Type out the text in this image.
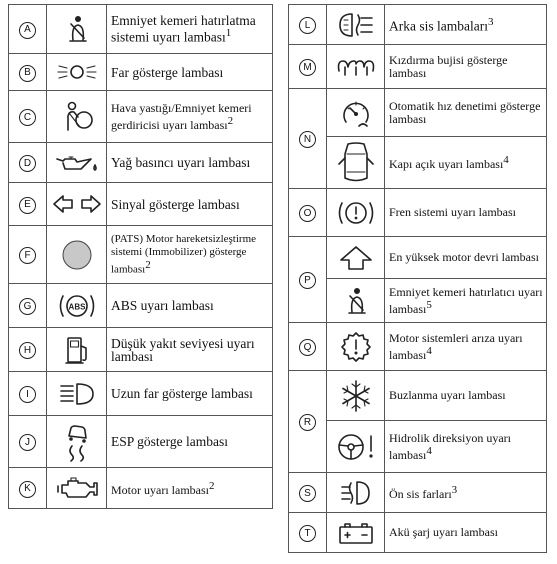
A		Emniyet kemeri hatırlatma sistemi uyarı lambası$^1$
B		Far gösterge lambası
C		Hava yastığı/Emniyet kemeri gerdiricisi uyarı lambası$^2$
D		Yağ basıncı uyarı lambası
E		Sinyal gösterge lambası
F		(PATS) Motor hareketsizleştirme sistemi (Immobilizer) gösterge lambası$^2$
G	ABS	ABS uyarı lambası
H		Düşük yakıt seviyesi uyarı lambası
I		Uzun far gösterge lambası
J		ESP gösterge lambası
K		Motor uyarı lambası$^2$
L		Arka sis lambaları$^3$
M		Kızdırma bujisi gösterge lambası
N		Otomatik hız denetimi gösterge lambası

	Kapı açık uyarı lambası$^4$
O		Fren sistemi uyarı lambası
P		En yüksek motor devri lambası

	Emniyet kemeri hatırlatıcı uyarı lambası$^5$
Q		Motor sistemleri arıza uyarı lambası$^4$
R		Buzlanma uyarı lambası

	Hidrolik direksiyon uyarı lambası$^4$
S		Ön sis farları$^3$
T		Akü şarj uyarı lambası
